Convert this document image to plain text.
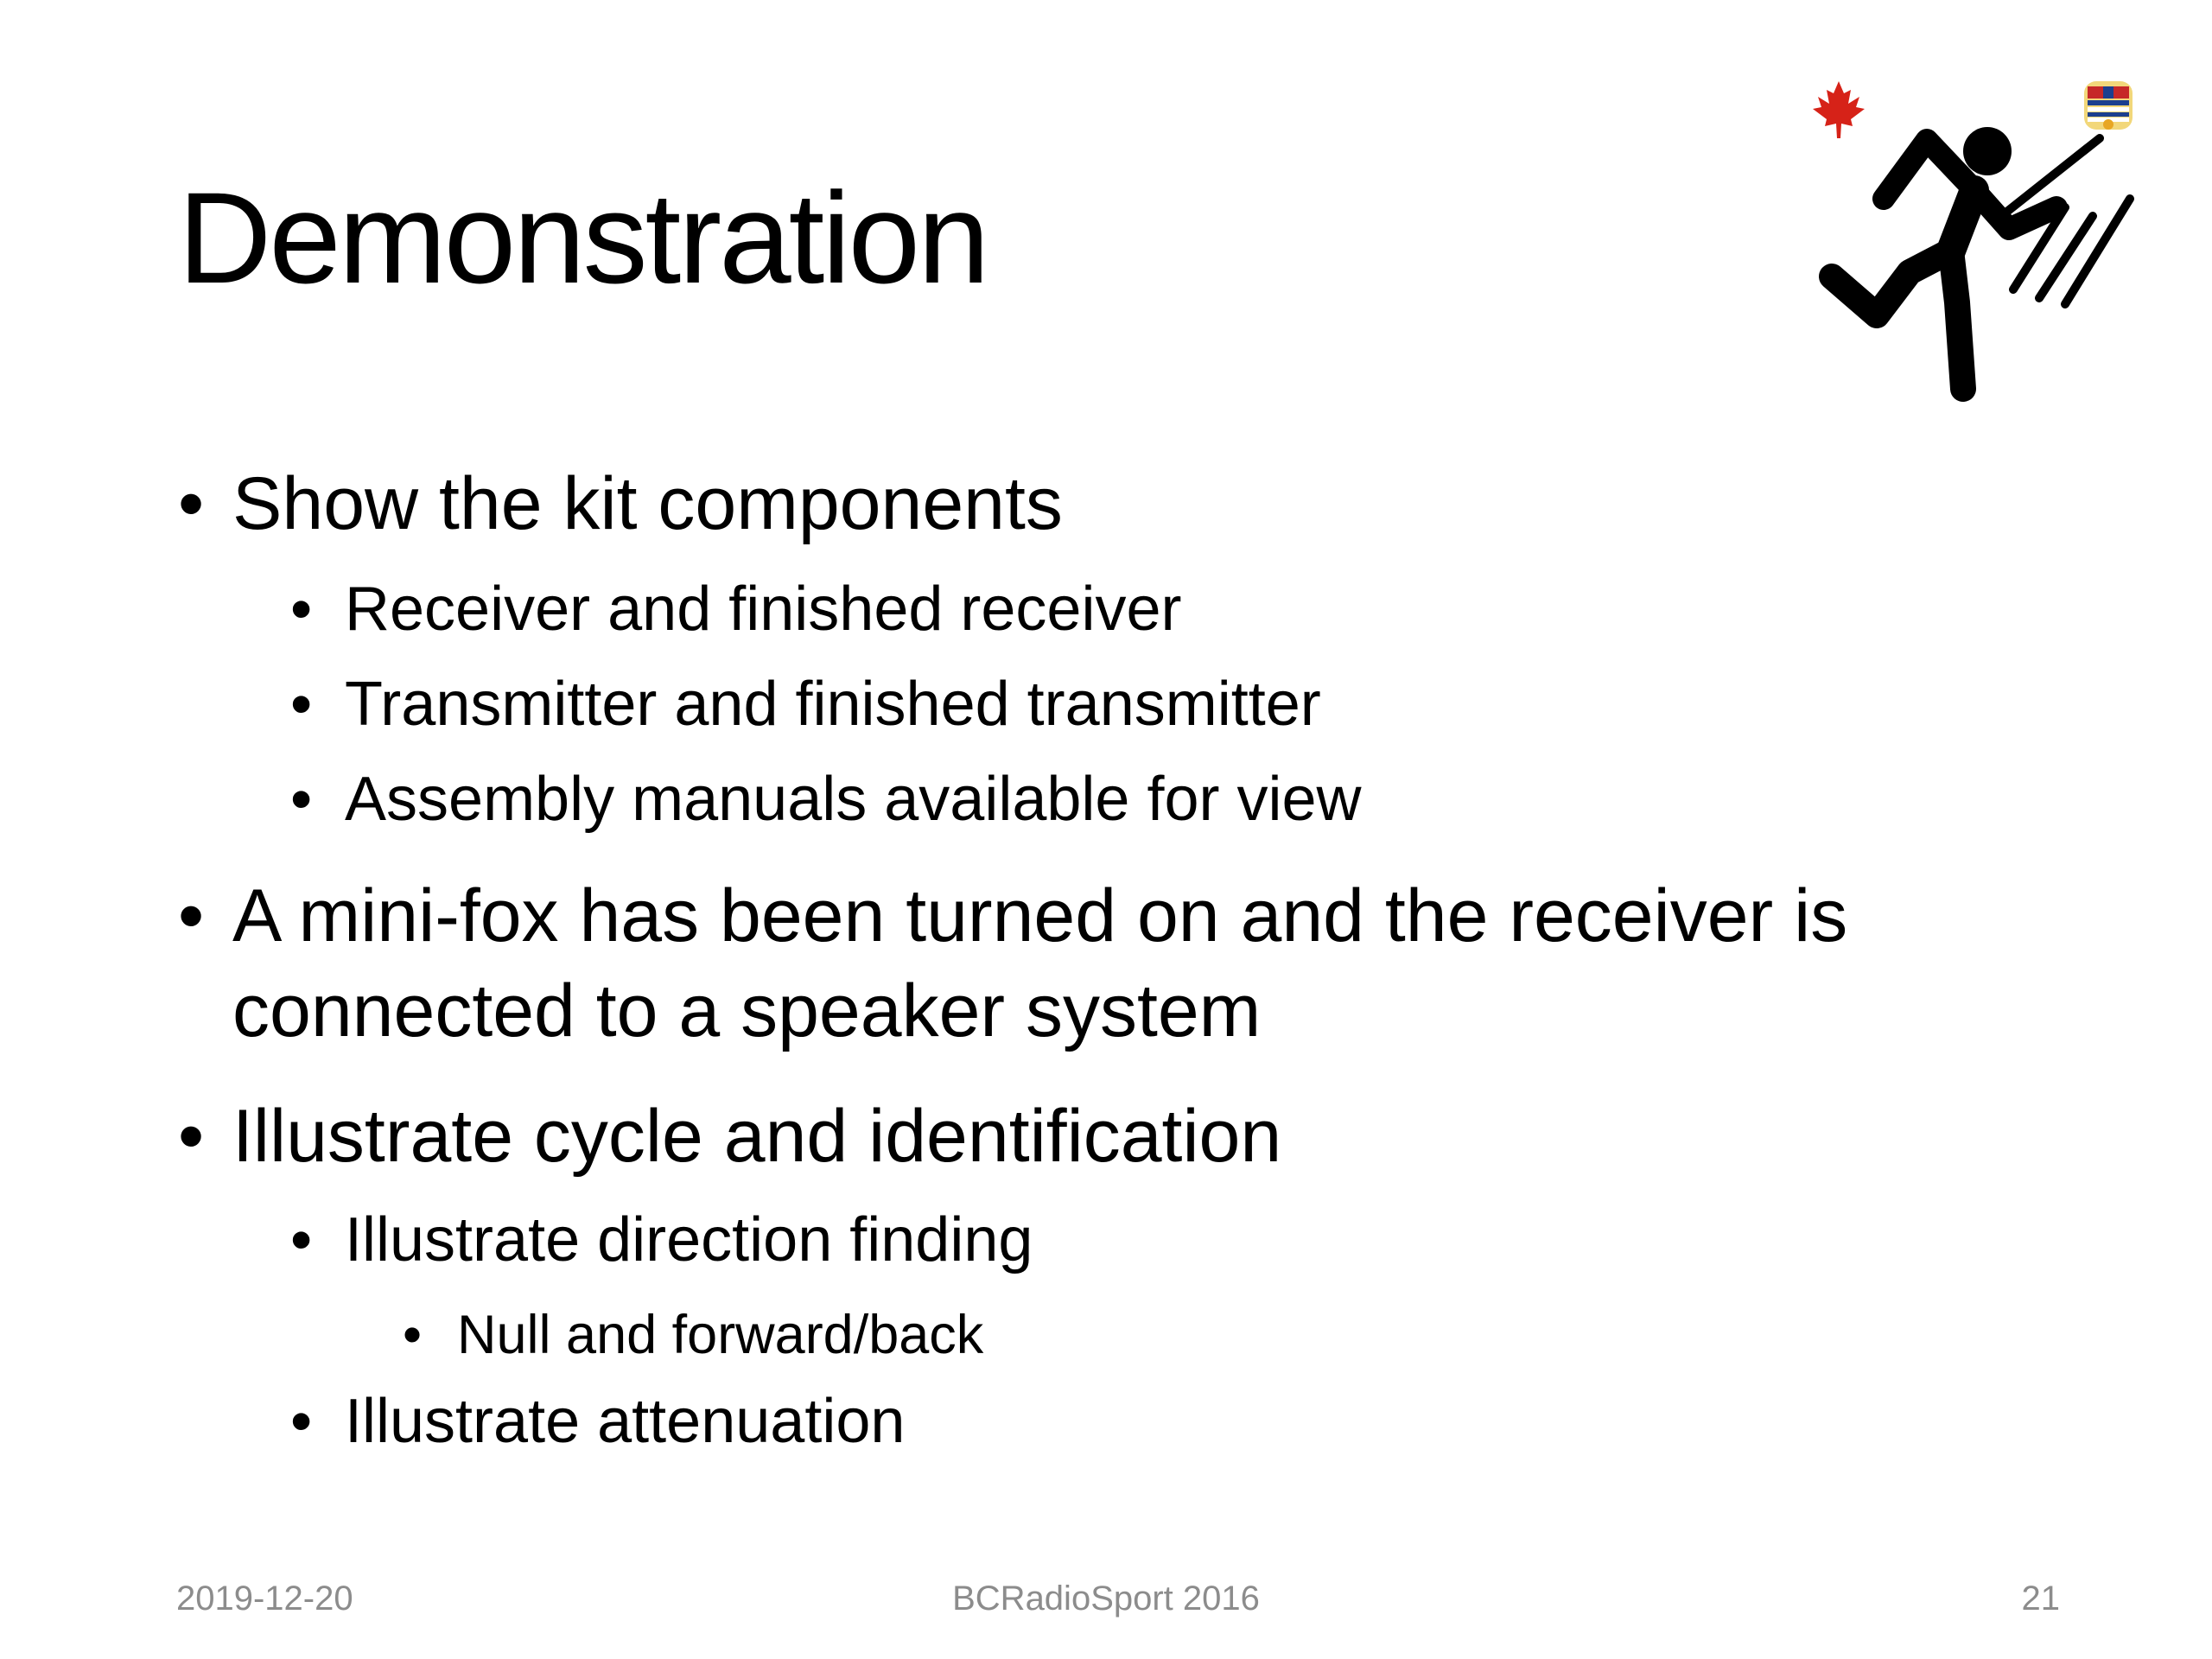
Demonstration
• Show the kit components
• Receiver and finished receiver
• Transmitter and finished transmitter
• Assembly manuals available for view
• A mini-fox has been turned on and the receiver is connected to a speaker system
• Illustrate cycle and identification
• Illustrate direction finding
• Null and forward/back
• Illustrate attenuation
2019-12-20	BCRadioSport 2016	21
